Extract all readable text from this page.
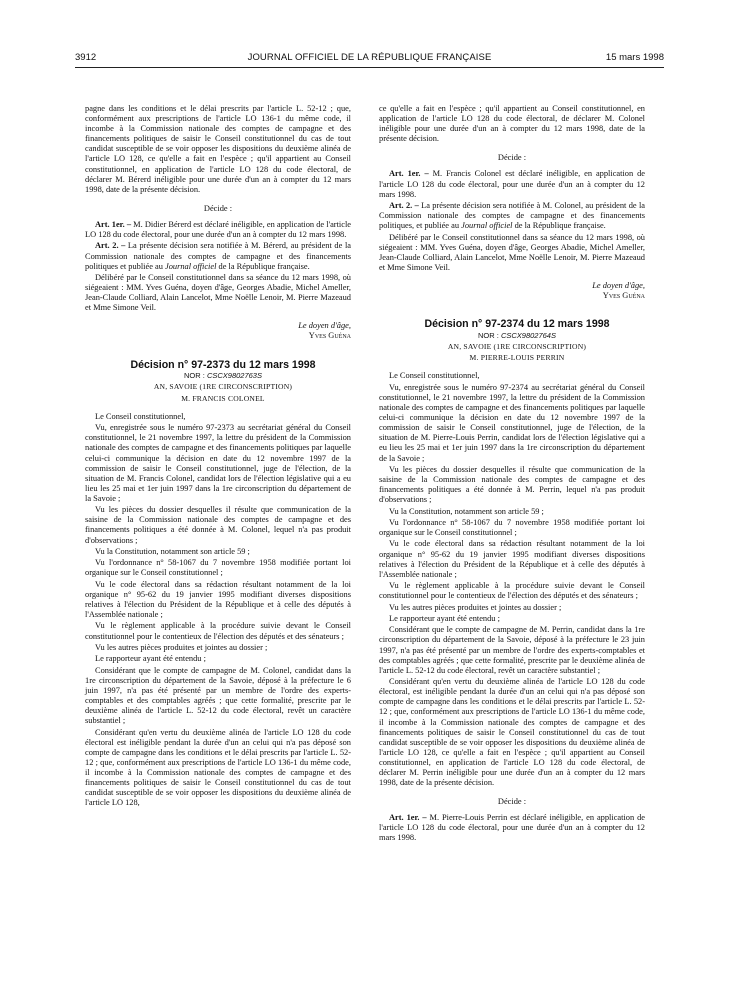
3912	JOURNAL OFFICIEL DE LA RÉPUBLIQUE FRANÇAISE	15 mars 1998

pagne dans les conditions et le délai prescrits par l'article L. 52-12 ; que, conformément aux prescriptions de l'article LO 136-1 du même code, il incombe à la Commission nationale des comptes de campagne et des financements politiques de saisir le Conseil constitutionnel du cas de tout candidat susceptible de se voir opposer les dispositions du deuxième alinéa de l'article LO 128, ce qu'elle a fait en l'espèce ; qu'il appartient au Conseil constitutionnel, en application de l'article LO 128 du code électoral, de déclarer M. Bérerd inéligible pour une durée d'un an à compter du 12 mars 1998, date de la présente décision.

Décide :

Art. 1er. – M. Didier Bérerd est déclaré inéligible, en application de l'article LO 128 du code électoral, pour une durée d'un an à compter du 12 mars 1998.

Art. 2. – La présente décision sera notifiée à M. Bérerd, au président de la Commission nationale des comptes de campagne et des financements politiques et publiée au Journal officiel de la République française.

Délibéré par le Conseil constitutionnel dans sa séance du 12 mars 1998, où siégeaient : MM. Yves Guéna, doyen d'âge, Georges Abadie, Michel Ameller, Jean-Claude Colliard, Alain Lancelot, Mme Noëlle Lenoir, M. Pierre Mazeaud et Mme Simone Veil.

Le doyen d'âge,
Yves Guéna

Décision n° 97-2373 du 12 mars 1998

NOR : CSCX9802763S

AN, SAVOIE (1RE CIRCONSCRIPTION)

M. FRANCIS COLONEL

Le Conseil constitutionnel,

Vu, enregistrée sous le numéro 97-2373 au secrétariat général du Conseil constitutionnel, le 21 novembre 1997, la lettre du président de la Commission nationale des comptes de campagne et des financements politiques par laquelle celui-ci communique la décision en date du 12 novembre 1997 de la commission de saisir le Conseil constitutionnel, juge de l'élection, de la situation de M. Francis Colonel, candidat lors de l'élection législative qui a eu lieu les 25 mai et 1er juin 1997 dans la 1re circonscription du département de la Savoie ;

Vu les pièces du dossier desquelles il résulte que communication de la saisine de la Commission nationale des comptes de campagne et des financements politiques a été donnée à M. Colonel, lequel n'a pas produit d'observations ;

Vu la Constitution, notamment son article 59 ;

Vu l'ordonnance n° 58-1067 du 7 novembre 1958 modifiée portant loi organique sur le Conseil constitutionnel ;

Vu le code électoral dans sa rédaction résultant notamment de la loi organique n° 95-62 du 19 janvier 1995 modifiant diverses dispositions relatives à l'élection du Président de la République et à celle des députés à l'Assemblée nationale ;

Vu le règlement applicable à la procédure suivie devant le Conseil constitutionnel pour le contentieux de l'élection des députés et des sénateurs ;

Vu les autres pièces produites et jointes au dossier ;

Le rapporteur ayant été entendu ;

Considérant que le compte de campagne de M. Colonel, candidat dans la 1re circonscription du département de la Savoie, déposé à la préfecture le 6 juin 1997, n'a pas été présenté par un membre de l'ordre des experts-comptables et des comptables agréés ; que cette formalité, prescrite par le deuxième alinéa de l'article L. 52-12 du code électoral, revêt un caractère substantiel ;

Considérant qu'en vertu du deuxième alinéa de l'article LO 128 du code électoral est inéligible pendant la durée d'un an celui qui n'a pas déposé son compte de campagne dans les conditions et le délai prescrits par l'article L. 52-12 ; que, conformément aux prescriptions de l'article LO 136-1 du même code, il incombe à la Commission nationale des comptes de campagne et des financements politiques de saisir le Conseil constitutionnel du cas de tout candidat susceptible de se voir opposer les dispositions du deuxième alinéa de l'article LO 128,

ce qu'elle a fait en l'espèce ; qu'il appartient au Conseil constitutionnel, en application de l'article LO 128 du code électoral, de déclarer M. Colonel inéligible pour une durée d'un an à compter du 12 mars 1998, date de la présente décision.

Décide :

Art. 1er. – M. Francis Colonel est déclaré inéligible, en application de l'article LO 128 du code électoral, pour une durée d'un an à compter du 12 mars 1998.

Art. 2. – La présente décision sera notifiée à M. Colonel, au président de la Commission nationale des comptes de campagne et des financements politiques, et publiée au Journal officiel de la République française.

Délibéré par le Conseil constitutionnel dans sa séance du 12 mars 1998, où siégeaient : MM. Yves Guéna, doyen d'âge, Georges Abadie, Michel Ameller, Jean-Claude Colliard, Alain Lancelot, Mme Noëlle Lenoir, M. Pierre Mazeaud et Mme Simone Veil.

Le doyen d'âge,
Yves Guéna

Décision n° 97-2374 du 12 mars 1998

NOR : CSCX9802764S

AN, SAVOIE (1RE CIRCONSCRIPTION)

M. PIERRE-LOUIS PERRIN

Le Conseil constitutionnel,

Vu, enregistrée sous le numéro 97-2374 au secrétariat général du Conseil constitutionnel, le 21 novembre 1997, la lettre du président de la Commission nationale des comptes de campagne et des financements politiques par laquelle celui-ci communique la décision en date du 12 novembre 1997 de la commission de saisir le Conseil constitutionnel, juge de l'élection, de la situation de M. Pierre-Louis Perrin, candidat lors de l'élection législative qui a eu lieu les 25 mai et 1er juin 1997 dans la 1re circonscription du département de la Savoie ;

Vu les pièces du dossier desquelles il résulte que communication de la saisine de la Commission nationale des comptes de campagne et des financements politiques a été donnée à M. Perrin, lequel n'a pas produit d'observations ;

Vu la Constitution, notamment son article 59 ;

Vu l'ordonnance n° 58-1067 du 7 novembre 1958 modifiée portant loi organique sur le Conseil constitutionnel ;

Vu le code électoral dans sa rédaction résultant notamment de la loi organique n° 95-62 du 19 janvier 1995 modifiant diverses dispositions relatives à l'élection du Président de la République et à celle des députés à l'Assemblée nationale ;

Vu le règlement applicable à la procédure suivie devant le Conseil constitutionnel pour le contentieux de l'élection des députés et des sénateurs ;

Vu les autres pièces produites et jointes au dossier ;

Le rapporteur ayant été entendu ;

Considérant que le compte de campagne de M. Perrin, candidat dans la 1re circonscription du département de la Savoie, déposé à la préfecture le 23 juin 1997, n'a pas été présenté par un membre de l'ordre des experts-comptables et des comptables agréés ; que cette formalité, prescrite par le deuxième alinéa de l'article L. 52-12 du code électoral, revêt un caractère substantiel ;

Considérant qu'en vertu du deuxième alinéa de l'article LO 128 du code électoral, est inéligible pendant la durée d'un an celui qui n'a pas déposé son compte de campagne dans les conditions et le délai prescrits par l'article L. 52-12 ; que, conformément aux prescriptions de l'article LO 136-1 du même code, il incombe à la Commission nationale des comptes de campagne et des financements politiques de saisir le Conseil constitutionnel du cas de tout candidat susceptible de se voir opposer les dispositions du deuxième alinéa de l'article LO 128, ce qu'elle a fait en l'espèce ; qu'il appartient au Conseil constitutionnel, en application de l'article LO 128 du code électoral, de déclarer M. Perrin inéligible pour une durée d'un an à compter du 12 mars 1998, date de la présente décision.

Décide :

Art. 1er. – M. Pierre-Louis Perrin est déclaré inéligible, en application de l'article LO 128 du code électoral, pour une durée d'un an à compter du 12 mars 1998.
